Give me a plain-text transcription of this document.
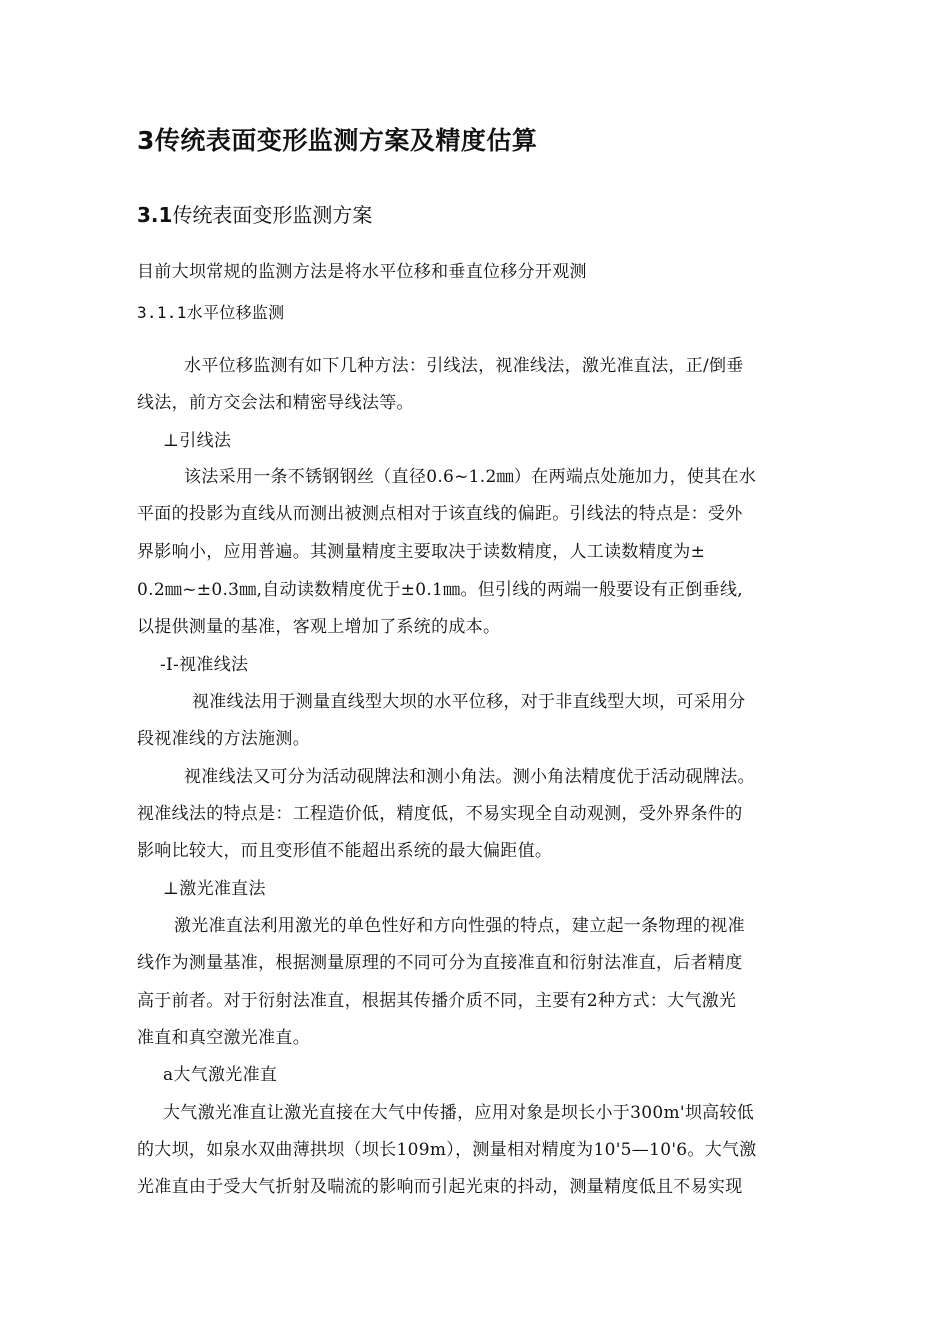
3传统表面变形监测方案及精度估算
3.1传统表面变形监测方案
目前大坝常规的监测方法是将水平位移和垂直位移分开观测
3.1.1水平位移监测
水平位移监测有如下几种方法：引线法，视准线法，激光准直法，正/倒垂
线法，前方交会法和精密导线法等。
⊥引线法
该法采用一条不锈钢钢丝（直径0.6~1.2㎜）在两端点处施加力，使其在水
平面的投影为直线从而测出被测点相对于该直线的偏距。引线法的特点是：受外
界影响小，应用普遍。其测量精度主要取决于读数精度，人工读数精度为±
0.2㎜~±0.3㎜,自动读数精度优于±0.1㎜。但引线的两端一般要设有正倒垂线,
以提供测量的基准，客观上增加了系统的成本。
-I-视准线法
视准线法用于测量直线型大坝的水平位移，对于非直线型大坝，可采用分
段视准线的方法施测。
视准线法又可分为活动砚牌法和测小角法。测小角法精度优于活动砚牌法。
视准线法的特点是：工程造价低，精度低，不易实现全自动观测，受外界条件的
影响比较大，而且变形值不能超出系统的最大偏距值。
⊥激光准直法
激光准直法利用激光的单色性好和方向性强的特点，建立起一条物理的视准
线作为测量基准，根据测量原理的不同可分为直接准直和衍射法准直，后者精度
高于前者。对于衍射法准直，根据其传播介质不同，主要有2种方式：大气激光
准直和真空激光准直。
a大气激光准直
大气激光准直让激光直接在大气中传播，应用对象是坝长小于300m'坝高较低
的大坝，如泉水双曲薄拱坝（坝长109m），测量相对精度为10'5—10'6。大气激
光准直由于受大气折射及喘流的影响而引起光束的抖动，测量精度低且不易实现
